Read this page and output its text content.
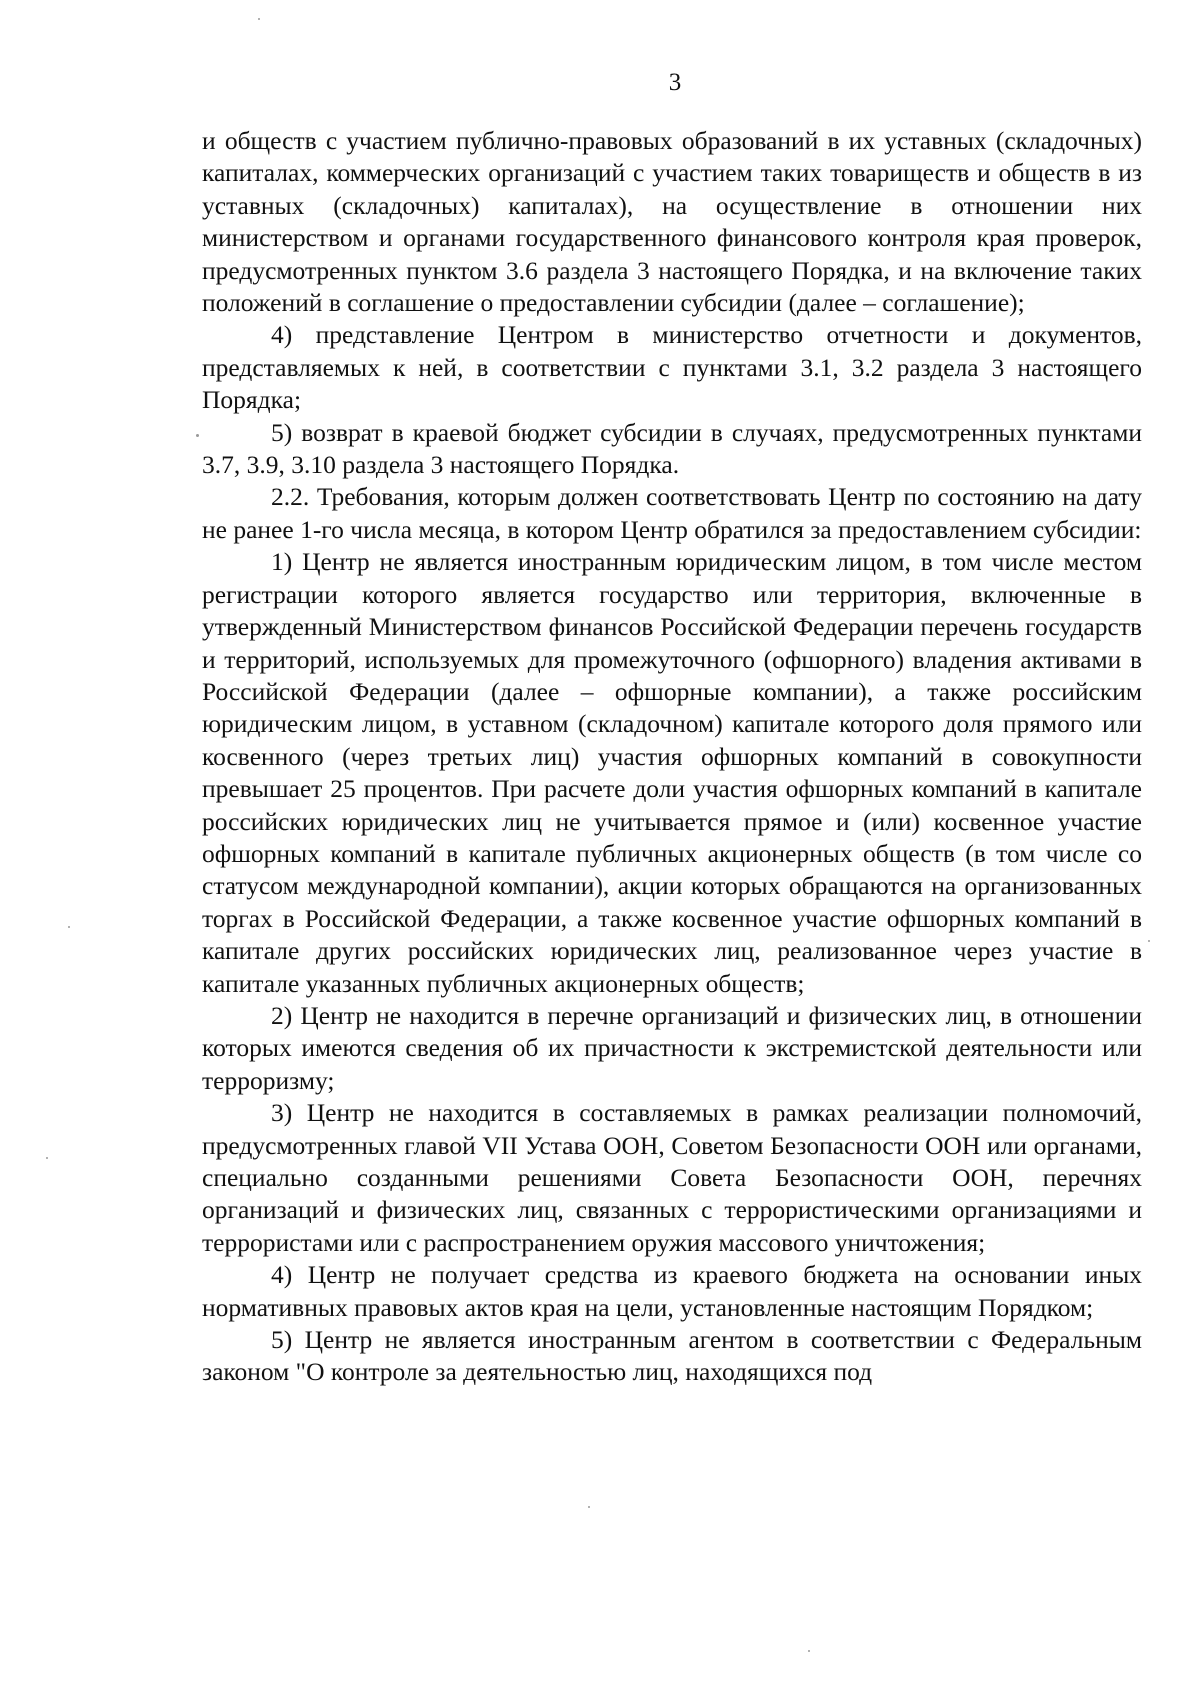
3

и обществ с участием публично-правовых образований в их уставных (складочных) капиталах, коммерческих организаций с участием таких товариществ и обществ в из уставных (складочных) капиталах), на осуществление в отношении них министерством и органами государственного финансового контроля края проверок, предусмотренных пунктом 3.6 раздела 3 настоящего Порядка, и на включение таких положений в соглашение о предоставлении субсидии (далее – соглашение);

4) представление Центром в министерство отчетности и документов, представляемых к ней, в соответствии с пунктами 3.1, 3.2 раздела 3 настоящего Порядка;

5) возврат в краевой бюджет субсидии в случаях, предусмотренных пунктами 3.7, 3.9, 3.10 раздела 3 настоящего Порядка.

2.2. Требования, которым должен соответствовать Центр по состоянию на дату не ранее 1-го числа месяца, в котором Центр обратился за предоставлением субсидии:

1) Центр не является иностранным юридическим лицом, в том числе местом регистрации которого является государство или территория, включенные в утвержденный Министерством финансов Российской Федерации перечень государств и территорий, используемых для промежуточного (офшорного) владения активами в Российской Федерации (далее – офшорные компании), а также российским юридическим лицом, в уставном (складочном) капитале которого доля прямого или косвенного (через третьих лиц) участия офшорных компаний в совокупности превышает 25 процентов. При расчете доли участия офшорных компаний в капитале российских юридических лиц не учитывается прямое и (или) косвенное участие офшорных компаний в капитале публичных акционерных обществ (в том числе со статусом международной компании), акции которых обращаются на организованных торгах в Российской Федерации, а также косвенное участие офшорных компаний в капитале других российских юридических лиц, реализованное через участие в капитале указанных публичных акционерных обществ;

2) Центр не находится в перечне организаций и физических лиц, в отношении которых имеются сведения об их причастности к экстремистской деятельности или терроризму;

3) Центр не находится в составляемых в рамках реализации полномочий, предусмотренных главой VII Устава ООН, Советом Безопасности ООН или органами, специально созданными решениями Совета Безопасности ООН, перечнях организаций и физических лиц, связанных с террористическими организациями и террористами или с распространением оружия массового уничтожения;

4) Центр не получает средства из краевого бюджета на основании иных нормативных правовых актов края на цели, установленные настоящим Порядком;

5) Центр не является иностранным агентом в соответствии с Федеральным законом "О контроле за деятельностью лиц, находящихся под
